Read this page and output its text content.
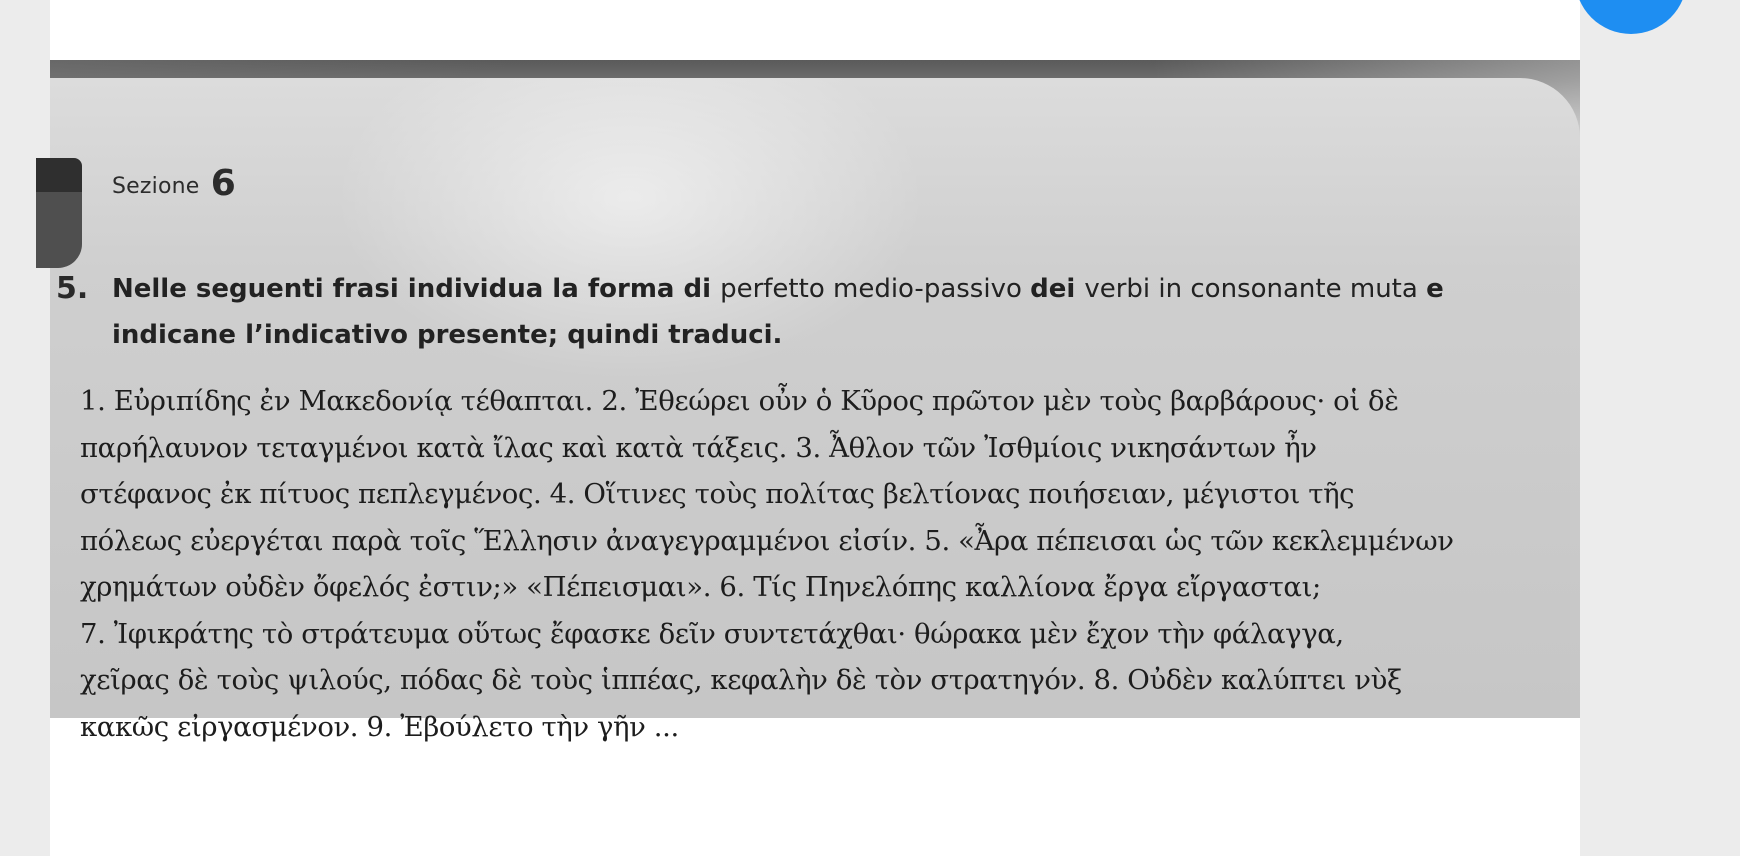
Sezione 6
5. Nelle seguenti frasi individua la forma di perfetto medio-passivo dei verbi in consonante muta e indicane l’indicativo presente; quindi traduci.
1. Εὐριπίδης ἐν Μακεδονίᾳ τέθαπται. 2. Ἐθεώρει οὖν ὁ Κῦρος πρῶτον μὲν τοὺς βαρβάρους· οἱ δὲ
παρήλαυνον τεταγμένοι κατὰ ἴλας καὶ κατὰ τάξεις. 3. Ἆθλον τῶν Ἰσθμίοις νικησάντων ἦν
στέφανος ἐκ πίτυος πεπλεγμένος. 4. Οἵτινες τοὺς πολίτας βελτίονας ποιήσειαν, μέγιστοι τῆς
πόλεως εὐεργέται παρὰ τοῖς Ἕλλησιν ἀναγεγραμμένοι εἰσίν. 5. «Ἆρα πέπεισαι ὡς τῶν κεκλεμμένων
χρημάτων οὐδὲν ὄφελός ἐστιν;» «Πέπεισμαι». 6. Τίς Πηνελόπης καλλίονα ἔργα εἴργασται;
7. Ἰφικράτης τὸ στράτευμα οὕτως ἔφασκε δεῖν συντετάχθαι· θώρακα μὲν ἔχον τὴν φάλαγγα,
χεῖρας δὲ τοὺς ψιλούς, πόδας δὲ τοὺς ἱππέας, κεφαλὴν δὲ τὸν στρατηγόν. 8. Οὐδὲν καλύπτει νὺξ
κακῶς εἰργασμένον. 9. Ἐβούλετο τὴν γῆν ...
